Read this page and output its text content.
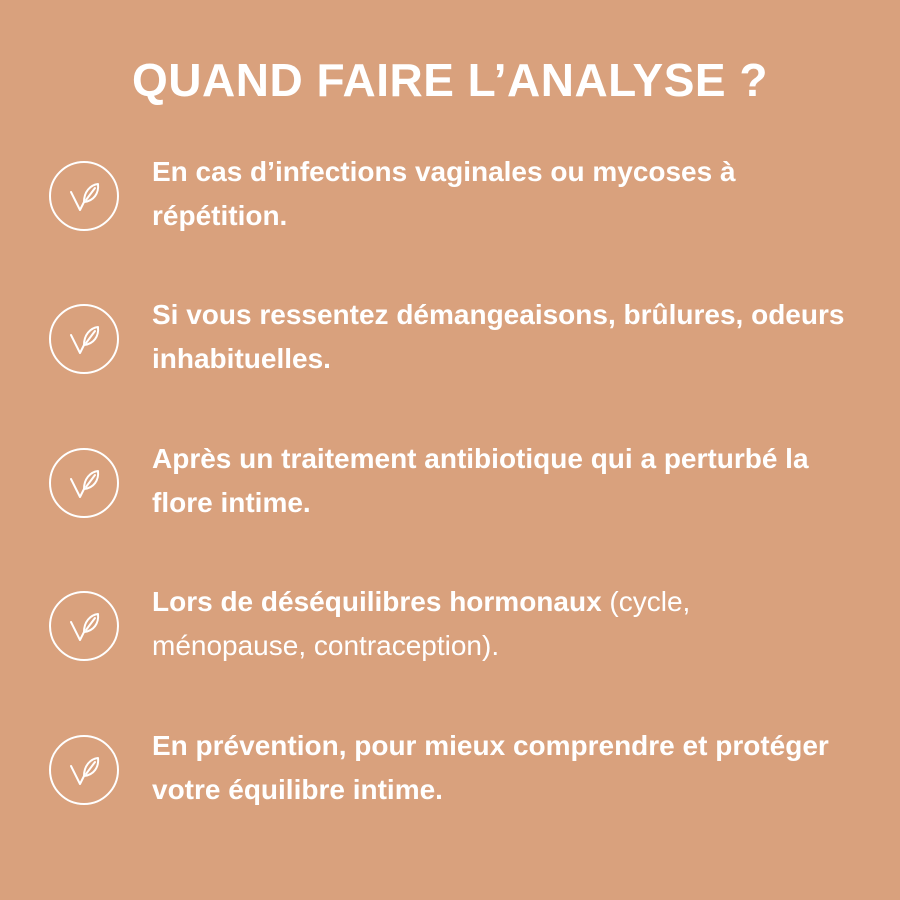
QUAND FAIRE L’ANALYSE ?
En cas d’infections vaginales ou mycoses à répétition.
Si vous ressentez démangeaisons, brûlures, odeurs inhabituelles.
Après un traitement antibiotique qui a perturbé la flore intime.
Lors de déséquilibres hormonaux (cycle, ménopause, contraception).
En prévention, pour mieux comprendre et protéger votre équilibre intime.
